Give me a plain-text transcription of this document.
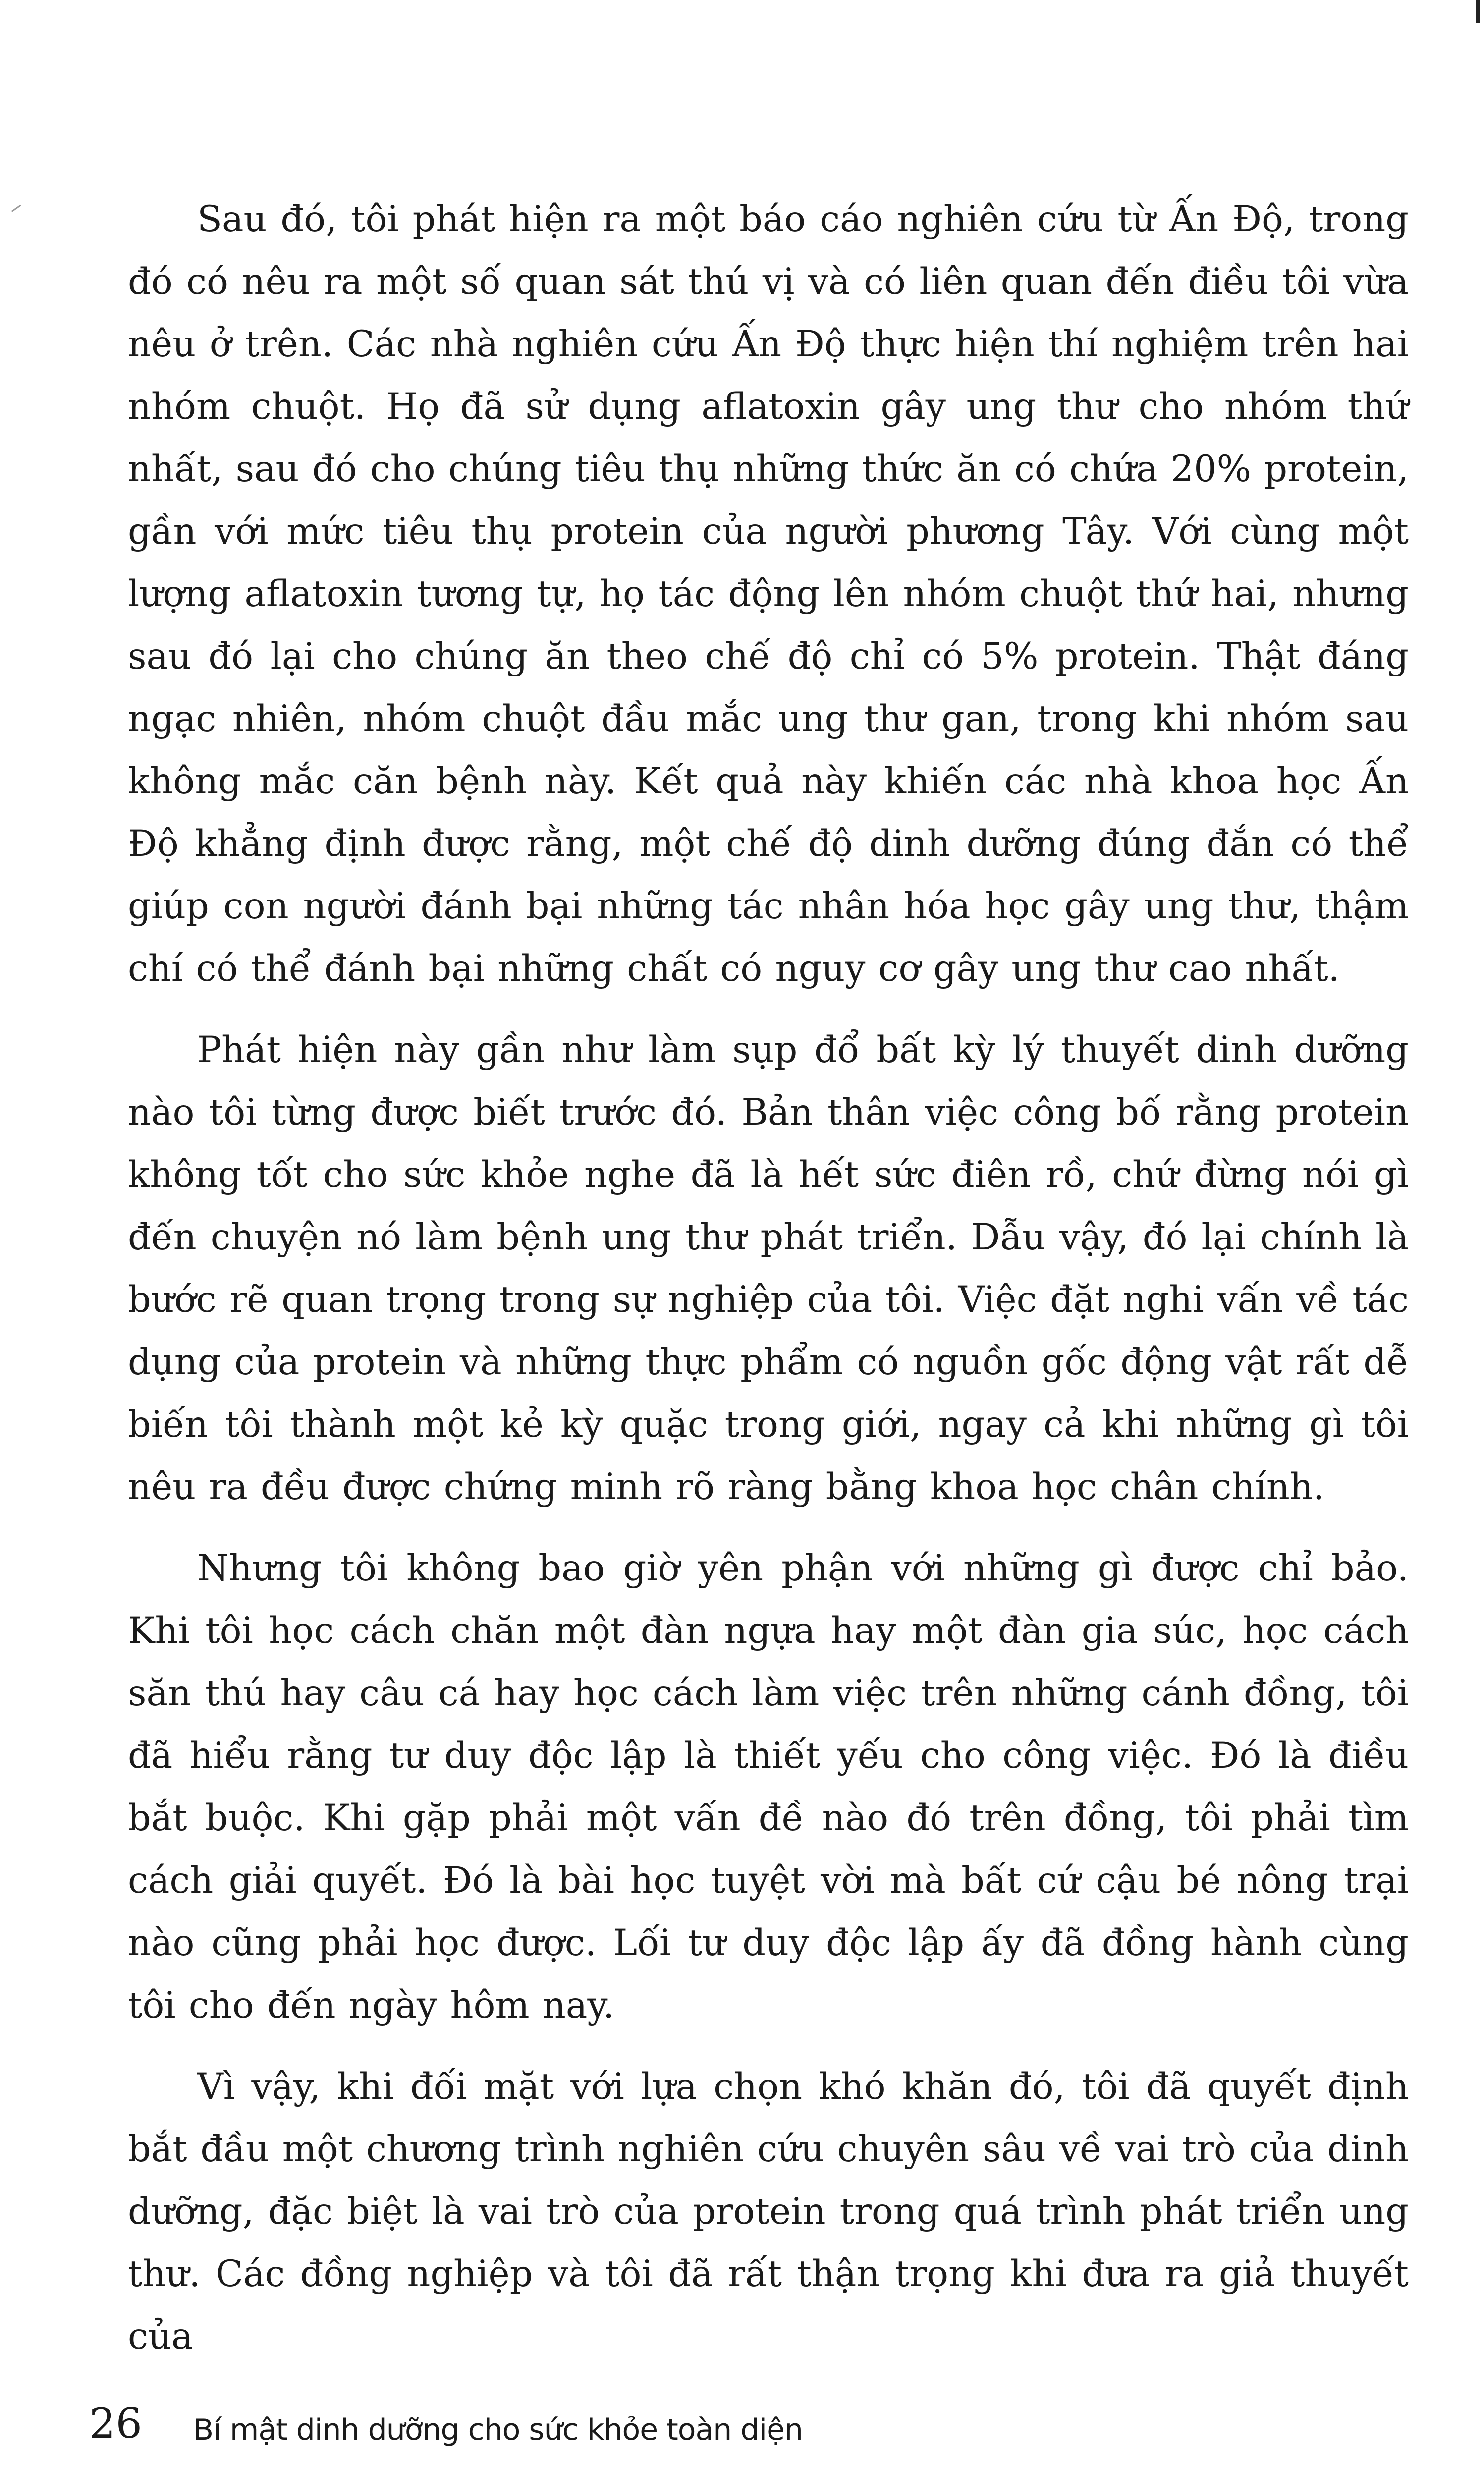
Sau đó, tôi phát hiện ra một báo cáo nghiên cứu từ Ấn Độ, trong đó có nêu ra một số quan sát thú vị và có liên quan đến điều tôi vừa nêu ở trên. Các nhà nghiên cứu Ấn Độ thực hiện thí nghiệm trên hai nhóm chuột. Họ đã sử dụng aflatoxin gây ung thư cho nhóm thứ nhất, sau đó cho chúng tiêu thụ những thức ăn có chứa 20% protein, gần với mức tiêu thụ protein của người phương Tây. Với cùng một lượng aflatoxin tương tự, họ tác động lên nhóm chuột thứ hai, nhưng sau đó lại cho chúng ăn theo chế độ chỉ có 5% protein. Thật đáng ngạc nhiên, nhóm chuột đầu mắc ung thư gan, trong khi nhóm sau không mắc căn bệnh này. Kết quả này khiến các nhà khoa học Ấn Độ khẳng định được rằng, một chế độ dinh dưỡng đúng đắn có thể giúp con người đánh bại những tác nhân hóa học gây ung thư, thậm chí có thể đánh bại những chất có nguy cơ gây ung thư cao nhất.

Phát hiện này gần như làm sụp đổ bất kỳ lý thuyết dinh dưỡng nào tôi từng được biết trước đó. Bản thân việc công bố rằng protein không tốt cho sức khỏe nghe đã là hết sức điên rồ, chứ đừng nói gì đến chuyện nó làm bệnh ung thư phát triển. Dẫu vậy, đó lại chính là bước rẽ quan trọng trong sự nghiệp của tôi. Việc đặt nghi vấn về tác dụng của protein và những thực phẩm có nguồn gốc động vật rất dễ biến tôi thành một kẻ kỳ quặc trong giới, ngay cả khi những gì tôi nêu ra đều được chứng minh rõ ràng bằng khoa học chân chính.

Nhưng tôi không bao giờ yên phận với những gì được chỉ bảo. Khi tôi học cách chăn một đàn ngựa hay một đàn gia súc, học cách săn thú hay câu cá hay học cách làm việc trên những cánh đồng, tôi đã hiểu rằng tư duy độc lập là thiết yếu cho công việc. Đó là điều bắt buộc. Khi gặp phải một vấn đề nào đó trên đồng, tôi phải tìm cách giải quyết. Đó là bài học tuyệt vời mà bất cứ cậu bé nông trại nào cũng phải học được. Lối tư duy độc lập ấy đã đồng hành cùng tôi cho đến ngày hôm nay.

Vì vậy, khi đối mặt với lựa chọn khó khăn đó, tôi đã quyết định bắt đầu một chương trình nghiên cứu chuyên sâu về vai trò của dinh dưỡng, đặc biệt là vai trò của protein trong quá trình phát triển ung thư. Các đồng nghiệp và tôi đã rất thận trọng khi đưa ra giả thuyết của

26 Bí mật dinh dưỡng cho sức khỏe toàn diện
